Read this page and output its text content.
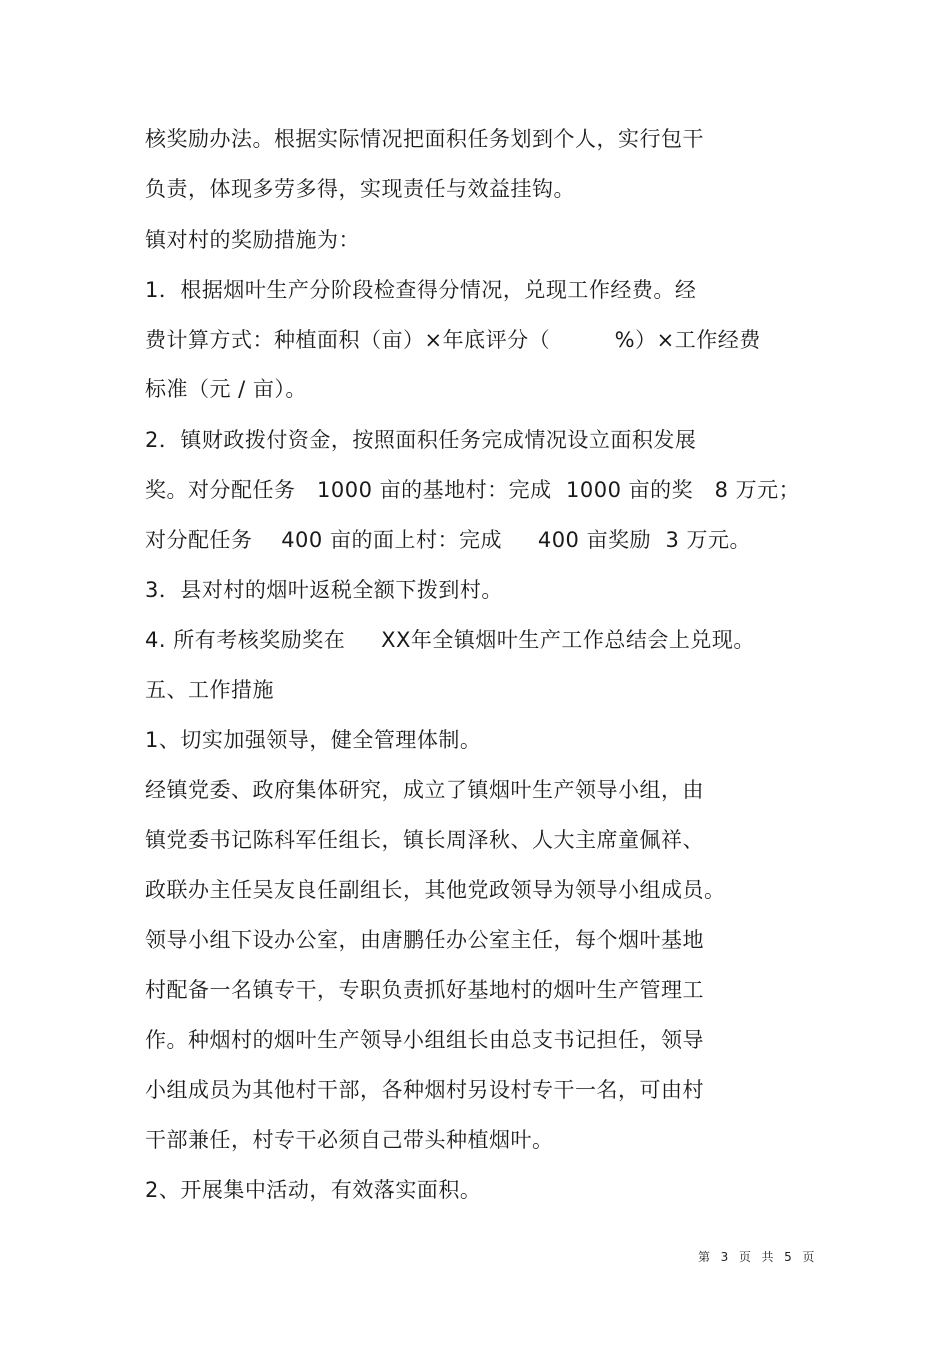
核奖励办法。根据实际情况把面积任务划到个人，实行包干
负责，体现多劳多得，实现责任与效益挂钩。
镇对村的奖励措施为：
1．根据烟叶生产分阶段检查得分情况，兑现工作经费。经
费计算方式：种植面积（亩）×年底评分（         %）×工作经费
标准（元 / 亩）。
2．镇财政拨付资金，按照面积任务完成情况设立面积发展
奖。对分配任务   1000 亩的基地村：完成  1000 亩的奖   8 万元；
对分配任务    400 亩的面上村：完成     400 亩奖励  3 万元。
3．县对村的烟叶返税全额下拨到村。
4. 所有考核奖励奖在     XX年全镇烟叶生产工作总结会上兑现。
五、工作措施
1、切实加强领导，健全管理体制。
经镇党委、政府集体研究，成立了镇烟叶生产领导小组，由
镇党委书记陈科军任组长，镇长周泽秋、人大主席童佩祥、
政联办主任吴友良任副组长，其他党政领导为领导小组成员。
领导小组下设办公室，由唐鹏任办公室主任，每个烟叶基地
村配备一名镇专干，专职负责抓好基地村的烟叶生产管理工
作。种烟村的烟叶生产领导小组组长由总支书记担任，领导
小组成员为其他村干部，各种烟村另设村专干一名，可由村
干部兼任，村专干必须自己带头种植烟叶。
2、开展集中活动，有效落实面积。
第  3  页  共  5  页
